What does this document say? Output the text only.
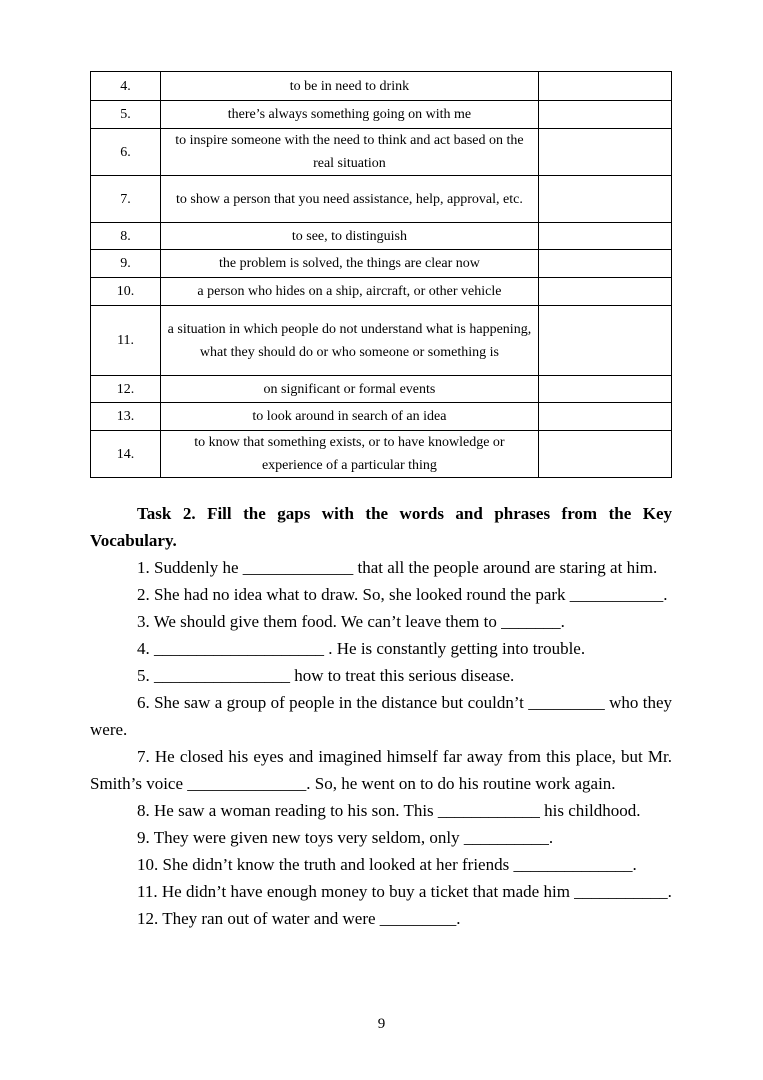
4.	to be in need to drink	
5.	there’s always something going on with me	
6.	to inspire someone with the need to think and act based on the real situation	
7.	to show a person that you need assistance, help, approval, etc.	
8.	to see, to distinguish	
9.	the problem is solved, the things are clear now	
10.	a person who hides on a ship, aircraft, or other vehicle	
11.	a situation in which people do not understand what is happening, what they should do or who someone or something is	
12.	on significant or formal events	
13.	to look around in search of an idea	
14.	to know that something exists, or to have knowledge or experience of a particular thing	

Task 2. Fill the gaps with the words and phrases from the Key Vocabulary.

1. Suddenly he _____________ that all the people around are staring at him.

2. She had no idea what to draw. So, she looked round the park ___________.

3. We should give them food. We can’t leave them to _______.

4. ____________________ . He is constantly getting into trouble.

5. ________________ how to treat this serious disease.

6. She saw a group of people in the distance but couldn’t _________ who they were.

7. He closed his eyes and imagined himself far away from this place, but Mr. Smith’s voice ______________. So, he went on to do his routine work again.

8. He saw a woman reading to his son. This ____________ his childhood.

9. They were given new toys very seldom, only __________.

10. She didn’t know the truth and looked at her friends ______________.

11. He didn’t have enough money to buy a ticket that made him ___________.

12. They ran out of water and were _________.

9
